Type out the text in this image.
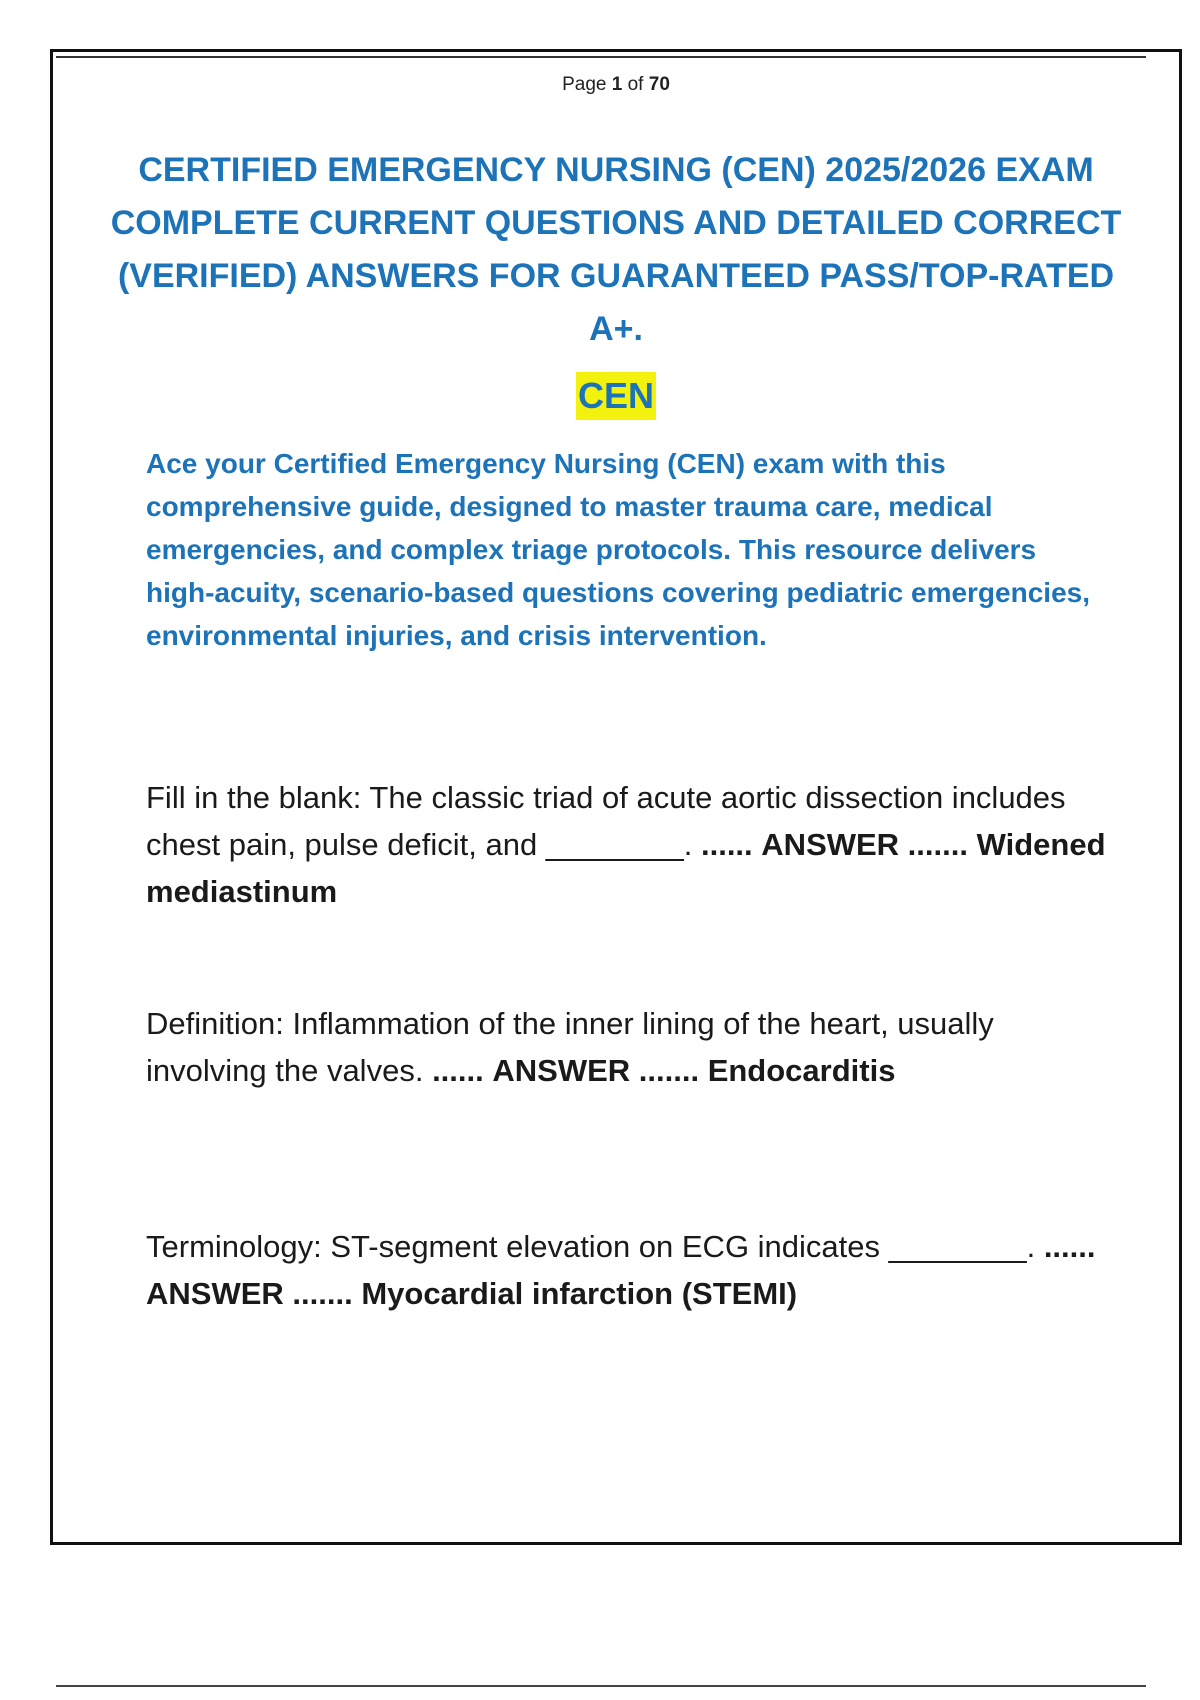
Page 1 of 70
CERTIFIED EMERGENCY NURSING (CEN) 2025/2026 EXAM COMPLETE CURRENT QUESTIONS AND DETAILED CORRECT (VERIFIED) ANSWERS FOR GUARANTEED PASS/TOP-RATED A+.
CEN

Ace your Certified Emergency Nursing (CEN) exam with this comprehensive guide, designed to master trauma care, medical emergencies, and complex triage protocols. This resource delivers high-acuity, scenario-based questions covering pediatric emergencies, environmental injuries, and crisis intervention.

Fill in the blank: The classic triad of acute aortic dissection includes chest pain, pulse deficit, and ________. ...... ANSWER ....... Widened mediastinum

Definition: Inflammation of the inner lining of the heart, usually involving the valves. ...... ANSWER ....... Endocarditis

Terminology: ST-segment elevation on ECG indicates ________. ...... ANSWER ....... Myocardial infarction (STEMI)
